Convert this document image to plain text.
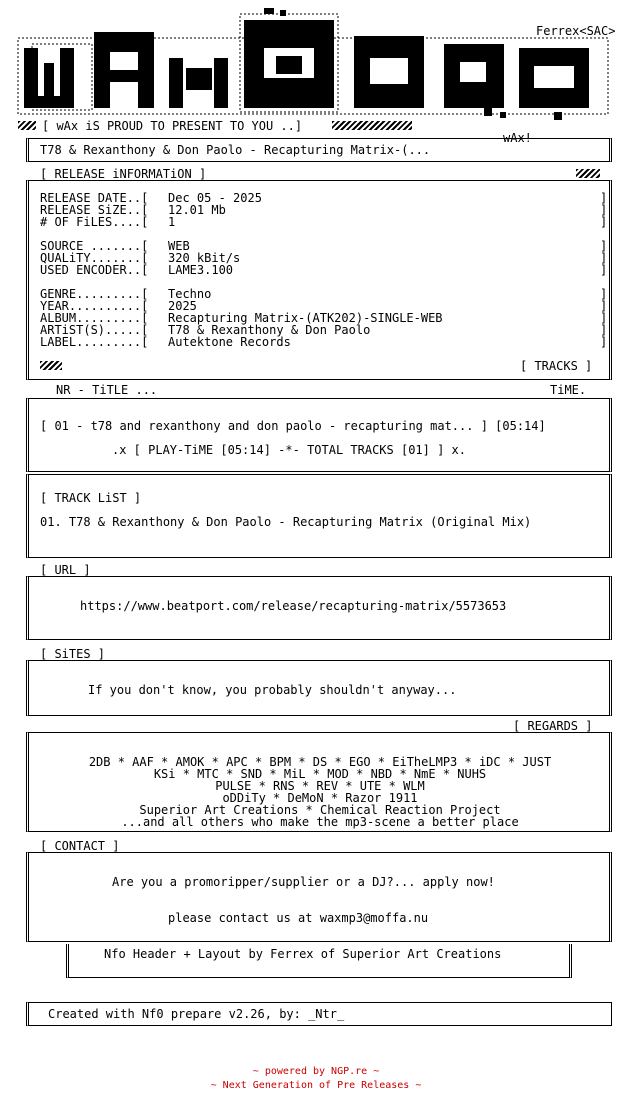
Ferrex<SAC>
[ wAx iS PROUD TO PRESENT TO YOU ..]
wAx!
T78 & Rexanthony & Don Paolo - Recapturing Matrix-(...
[ RELEASE iNFORMATiON ]
RELEASE DATE..[ Dec 05 - 2025	]
RELEASE SiZE..[ 12.01 Mb	]
# OF FiLES....[ 1	]
SOURCE .......[ WEB	]
QUALiTY.......[ 320 kBit/s	]
USED ENCODER..[ LAME3.100	]
GENRE.........[ Techno	]
YEAR..........[ 2025	]
ALBUM.........[ Recapturing Matrix-(ATK202)-SINGLE-WEB	]
ARTiST(S).....[ T78 & Rexanthony & Don Paolo	]
LABEL.........[ Autektone Records	]
[ TRACKS ]
NR - TiTLE ...	TiME.
[ 01 - t78 and rexanthony and don paolo - recapturing mat... ] [05:14]
.x [ PLAY-TiME [05:14] -*- TOTAL TRACKS [01] ] x.
[ TRACK LiST ]
01. T78 & Rexanthony & Don Paolo - Recapturing Matrix (Original Mix)
[ URL ]
https://www.beatport.com/release/recapturing-matrix/5573653
[ SiTES ]
If you don't know, you probably shouldn't anyway...
[ REGARDS ]
2DB * AAF * AMOK * APC * BPM * DS * EGO * EiTheLMP3 * iDC * JUST
KSi * MTC * SND * MiL * MOD * NBD * NmE * NUHS
PULSE * RNS * REV * UTE * WLM
oDDiTy * DeMoN * Razor 1911
Superior Art Creations * Chemical Reaction Project
...and all others who make the mp3-scene a better place
[ CONTACT ]
Are you a promoripper/supplier or a DJ?... apply now!
please contact us at waxmp3@moffa.nu
Nfo Header + Layout by Ferrex of Superior Art Creations
Created with Nf0 prepare v2.26, by: _Ntr_
~ powered by NGP.re ~
~ Next Generation of Pre Releases ~
